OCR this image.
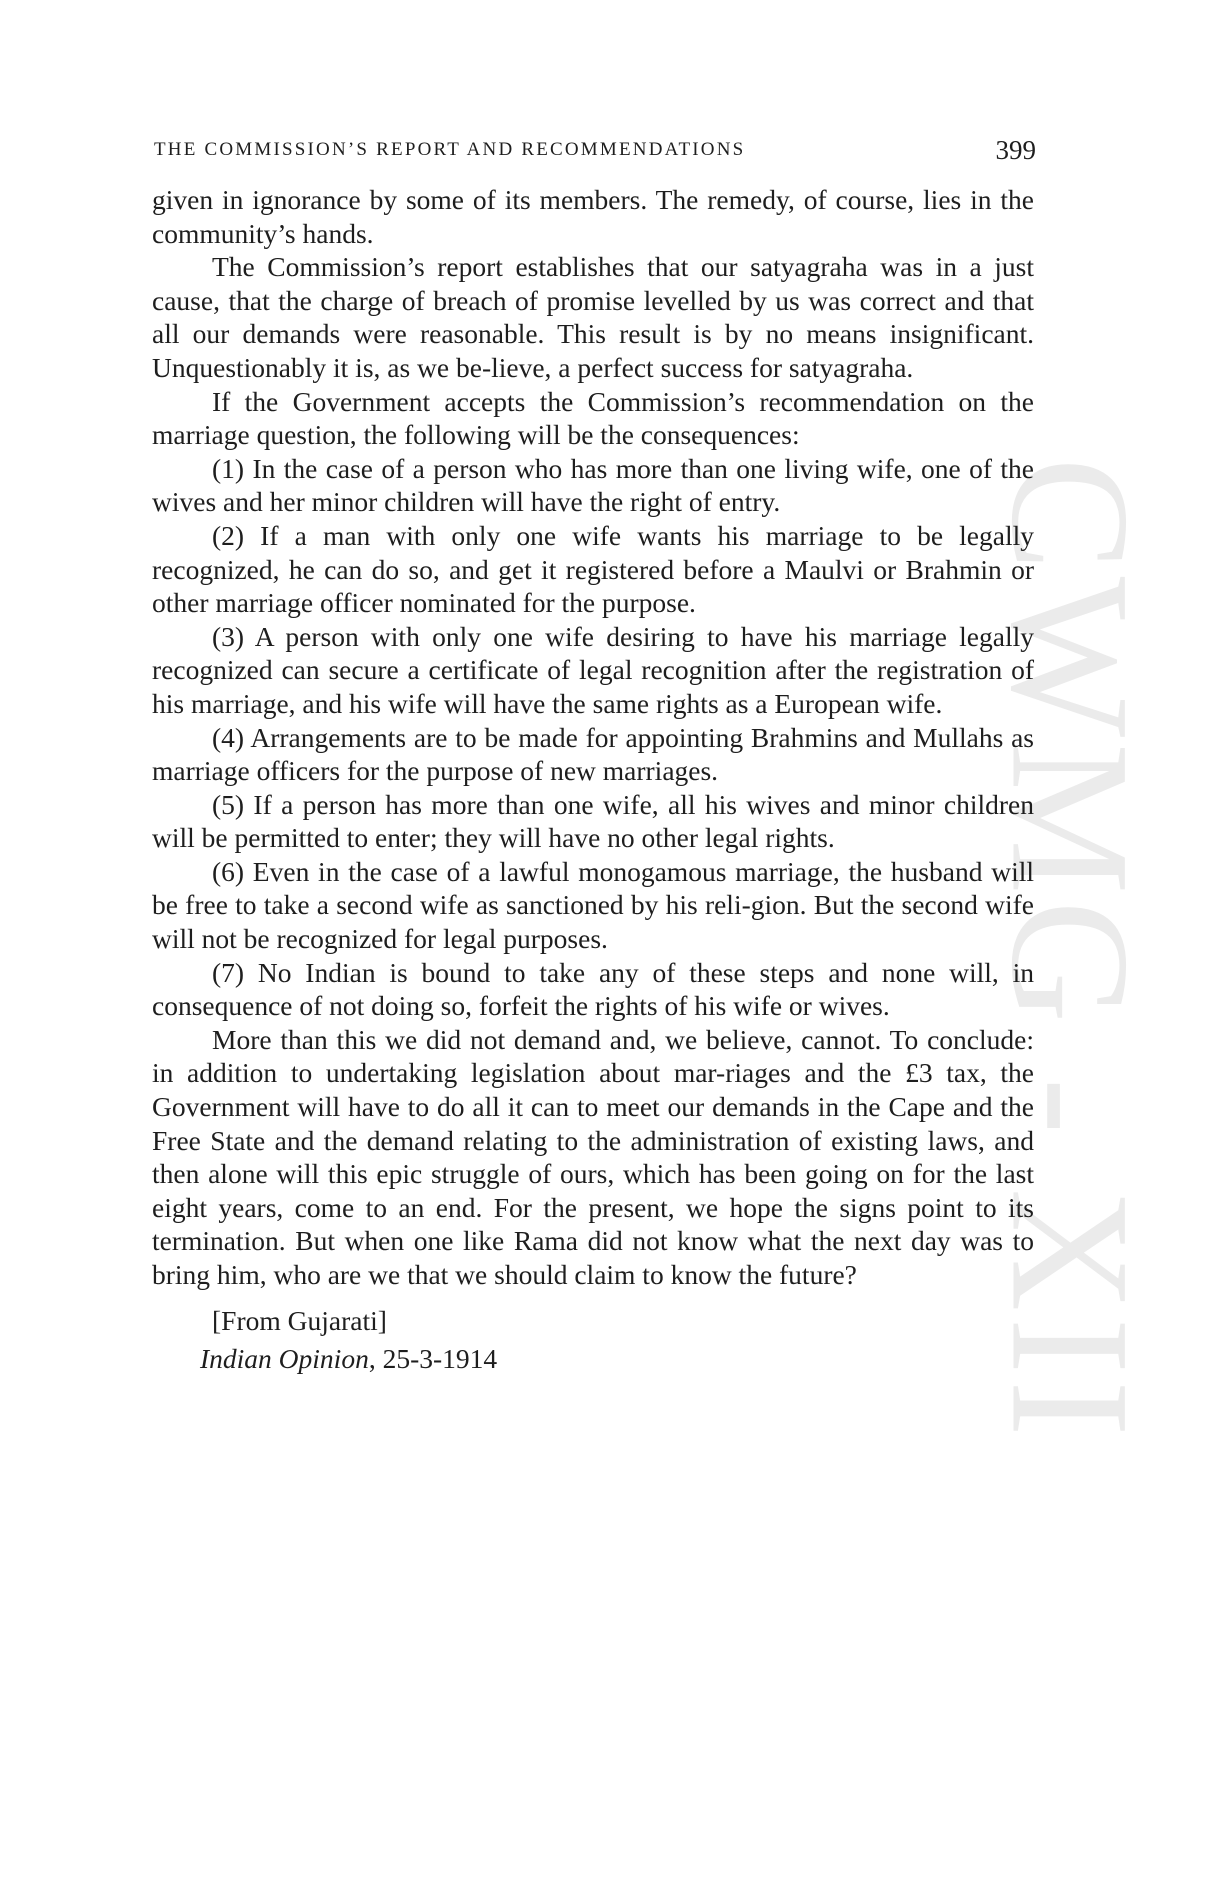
CWMG - XII
THE COMMISSION’S REPORT AND RECOMMENDATIONS	399

given in ignorance by some of its members. The remedy, of course, lies in the community’s hands.

The Commission’s report establishes that our satyagraha was in a just cause, that the charge of breach of promise levelled by us was correct and that all our demands were reasonable. This result is by no means insignificant. Unquestionably it is, as we be-lieve, a perfect success for satyagraha.

If the Government accepts the Commission’s recommendation on the marriage question, the following will be the consequences:

(1) In the case of a person who has more than one living wife, one of the wives and her minor children will have the right of entry.

(2) If a man with only one wife wants his marriage to be legally recognized, he can do so, and get it registered before a Maulvi or Brahmin or other marriage officer nominated for the purpose.

(3) A person with only one wife desiring to have his marriage legally recognized can secure a certificate of legal recognition after the registration of his marriage, and his wife will have the same rights as a European wife.

(4) Arrangements are to be made for appointing Brahmins and Mullahs as marriage officers for the purpose of new marriages.

(5) If a person has more than one wife, all his wives and minor children will be permitted to enter; they will have no other legal rights.

(6) Even in the case of a lawful monogamous marriage, the husband will be free to take a second wife as sanctioned by his reli-gion. But the second wife will not be recognized for legal purposes.

(7) No Indian is bound to take any of these steps and none will, in consequence of not doing so, forfeit the rights of his wife or wives.

More than this we did not demand and, we believe, cannot. To conclude: in addition to undertaking legislation about mar-riages and the £3 tax, the Government will have to do all it can to meet our demands in the Cape and the Free State and the demand relating to the administration of existing laws, and then alone will this epic struggle of ours, which has been going on for the last eight years, come to an end. For the present, we hope the signs point to its termination. But when one like Rama did not know what the next day was to bring him, who are we that we should claim to know the future?

[From Gujarati]
Indian Opinion, 25-3-1914
